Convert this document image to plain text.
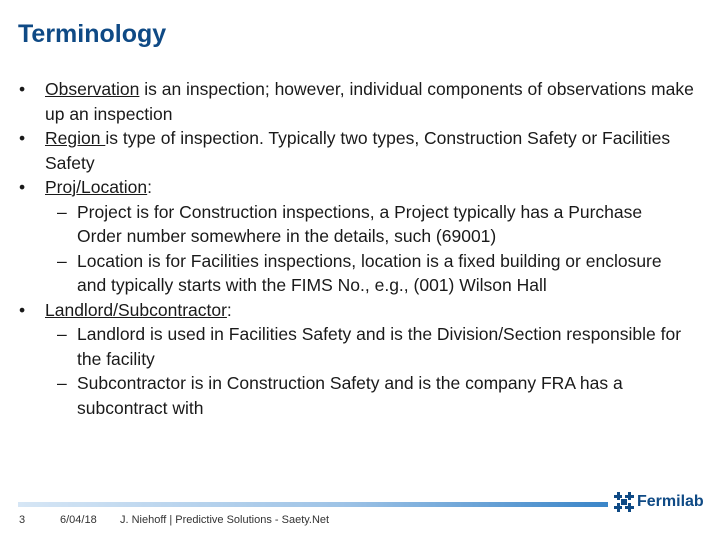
Terminology
• Observation is an inspection; however, individual components of observations make up an inspection
• Region is type of inspection. Typically two types, Construction Safety or Facilities Safety
• Proj/Location:
– Project is for Construction inspections, a Project typically has a Purchase Order number somewhere in the details, such (69001)
– Location is for Facilities inspections, location is a fixed building or enclosure and typically starts with the FIMS No., e.g., (001) Wilson Hall
• Landlord/Subcontractor:
– Landlord is used in Facilities Safety and is the Division/Section responsible for the facility
– Subcontractor is in Construction Safety and is the company FRA has a subcontract with
Fermilab
3	6/04/18 J. Niehoff | Predictive Solutions - Saety.Net
